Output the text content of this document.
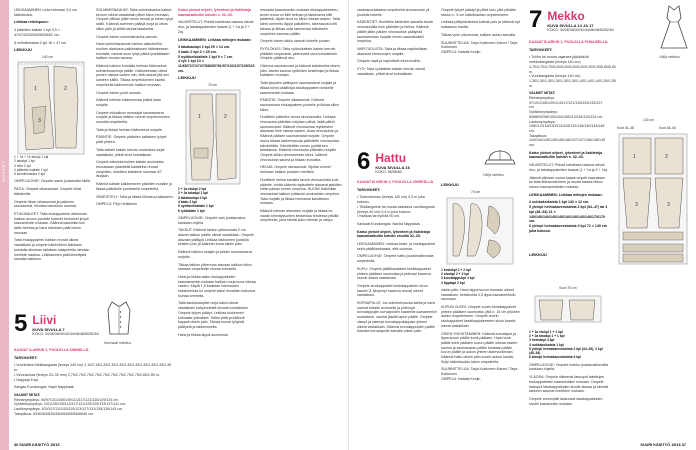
OHJEET

LEIKKAAMINEN: Liuta helmaan 3,5 cm kääntövara.

Leikkaa reikiinpuun:

4 pääntien kaitale 1 kpl 3,5 × 47/47/52/52/54/56/56/62 cm.

5 nolimiinkaista 2 kpl 16 × 47 cm.

LEIKKUU
140 cm
1	2
3
1 + 1a + 1b etukpl 1 kpl
2 takakpl 1 kpl
3 hiha 2 kpl
4 pääntien kaitale 1 kpl
5 solmiminauha 2 kpl

OMPELUOHJE: Ompele saelo joustavalla tikillä.

PAITA: Ompele olkasaumat. Ompele hihat tääntenille.

Ompele hihan olkasaumat ja pakkeen sivusaumat, hihoista kainaloon saumat.

ETUKAIALEET: Taita etukappaleen alareunan halkion sivuun puolelle kutenet kerrokset ja kpl! kaavamerkin mukaan. Käännä kaksinkerroin taitto helmaa ja harsi taitoksen päät toinen reunaan.

Taita etukappaleen halkion reunat oikeat vastakkain ja ompele kaikki tkinsi taitoksen kohdalla alimman taitoksen daaputeilla olevaan merkkiin saakka. Leikkasimen pääl kiinnitysiä samalla halkioon.

SOLMIMISNAUHAT: Taita solmiminauha kaksin kerroin oikeat vastakkain pitkin sivun reunaan. Ompele pitkiari pitkin sivun reunat ja toinen lyhyt sälliö. Käännä auennen päälyä nurja ja oleva silkin päin ja sillitä nauhat tasaiseksi.

Ompele toinen solmimisnauha sarnoin.

Harsi solmimisnauhat halkion alakulmihin, nuohen alarkosta paitöntaitosen käänteessen kohdalla, nauhat avon lyhyt pätkä lynkäätasen halkion reunan kanssa.

Käännä halkion kohdalla helman käänneeva solmimisnauhoja päälle. Käänneevaan oikea puolen oikeaa vasten niin, että nauhat jää sen kanteen sälliö. Tikkaa ompelutoimen kautta ompeleella käänneevan halkion reunaan.

Ompele toinen puoli samoin.

Käännä helman käänneevaa paikat kaan nurjalle.

Ompele etuhalkion reunaajat saumanvarat nurjalle ja tikkaa halkion reunat ompelumoinen suoralla ompeleella.

Taita ja tikkaa helman käänneeva nurjalle.

PÄÄNTIE: Ompele pääntien kaitaleen lyhyet päät yhteen.

Taita kaitale kaksin kerroin nurkeaksi nurjat vastakkain, pitkät sivut kohdakkain.

Ompele kaksinkerroinen kaitale avoimesta reunastaan pääntiellä kaitaleiha reunat vanyhtien, kiristäen kaitaleen saumaa 4/7 itsejaan.

Käännä kaitale kaikkeeseen pääntien nurjalle ja tikkaa pääntielle puoleisella ompeleella.

VIIMEISTELY: Taita ja tikkaa liihansuu kallaseen.

OMPELU: Pirjo Heikkinen

Katso yleiset ohjeet, lyhenteet ja lisätietoja kaavaosaltultin kohdin s. 32–33.

VALMISTELUT: Pidotä kahdessa osassa olevat eku- ja takakappaleiden kaavat (1 + 1a ja 2 + 2a).

LEIKKAAMINEN: Leikkaa mittojen mukaan:

3 takakaulapi 2 kpl 25 × 14 cm.
4 kadu 2 kpl 3 × 25 cm.
5 nyökkeikkaitale 1 kpl 9 × 7 cm.

4 ryö 1 kpl 14 × 11/65/72/72/72/78/83/87/91/97/102/107/109/115 cm.

LEIKKUU
70 cm
1	2
1 + 1a etukpl 2 kpl
2 + 2a takakpl 1 kpl
3 takakaulapi 2 kpl
4 kadu 2 kpl
5 nyökkeikkaitale 1 kpl
6 ryökaitale 1 kpl

OMPELUOHJE: Ompele vain joustamaton kankaan ohjella.

TAKKUT: Käännä takkun ylärevunata 2 cm alavan takkun päälle oikeat vastakkain. Ompele alavaan päälyyä Leikkaa takkunnen juoksilla kiristen pois ja käännä reuna oikein päin.

Käännä halkion stuajen ja pirtain saumanvarat nurjalle.

Tikkaa takkun ylärevuna alavaan halkion kiinni samaan ompeleelle reunan kohdalla.

Harsi ja tikkaa takku etukappaleiden kaavaamerkin mukaan halkion nurja kuva oikeaa vasten. Käytä 1,5 kankaan helmuseen kaksinkertaa ko ompele kaksi rinnakkin tukkurua kuinaa ommelta.

Taita kaulukkaupilet nurja kaksi oikeat vastakkain kahyennestä sivuvat kohdakkain. Ompele lyhyet päätyt. Leikkaa tukkeneen kulmasta ylämäiset. Taittai päät ja käännä kappali oikein päin. Tikkaa reunat lyhyistä päätystä ja takkenovelta.

Harsi ja tikkaa läppä avoimesta

reunasta kaavamerkin mukaan etukappaleeseen, avoin reuna on kiilti helman ja takkeravra kiilti päätetsä, läpän sivut on kiinni oikeaa vasten. Taita kiinni ommeltu läppä paikalleen, takenavoa kohti takana ja tikkaa esiki takenevaa esiköksen ompeleen sauman päälle.

Ompele toinen takku samoin toiselle puolen.

RYÖLÖKKIS: Taita ryöksökaitale kaksin kerroin pitkittäin nurjavasta, pidennellä sivut kohdakkain. Ompele päälinsä oku.

Oikenna saumanvara ja käännä kaitaleurtta oikein päin. Asettu sauma nyöleiden keskilinjan ja tikkaa kaitaleen reunaan.

Taita lyhyiden pätkiysen saumanvarat nurjalle ja tikkaa kiinni päälihöpä takakappaleen keskelle kaavamerkin mukaan.

PÄÄNTIE: Ompele olkasaumat. Käännä saumanvara etukappaleen puolelle ja tikkaa silkin kiinni.

Huolittele pääntien reuna vinonauhalla. Leikkaa vinonauha pääntien mityisen päivä, lisää päihin saumanvarat. Käännä vinonauhaa myöteisten alavavan liine oikeaa vasten. Avaa vinonauhan ja Käännä pääsen saumanvarat nurjalle. Ompele reuna tiiskaa takkeenpuoja pääntielle vinonauhaa kiinnitetään. Kiinnitetään ennen pyrtää sen taitoksissa. Käännä vinonauha pääntien nurjalle. Ompele silkku vinonauhaan kiinni, käännä vinonauhan sauma ja tikkaa reunoista.

HELMA: Ompele sivusaumat. Sijoitta ommel helmaan halkion juoksen merkkiin.

Huolittele helma samalla tavoin vinonauhalla kuin pääntie, mutta käännä rapikoittele alavarat jaskillen niihin paikan ennen ompelua. HUOM! Halkioilan vinonauhat halkion pitäisesti avoimeiden ompelen. Taita nurjalle ja tikkaa helmassa kahdeksen mukaan.

Käännä helman alavarlan nurjalle ja tikkaa ne vacian kiinnityssuihen keskeisaa tehdessa pitkillä ompeleella, joka kierää koko helman ja ottayo

5 Liivi
KUVA SIVULLA 7
KOKO: 34/36/38/40/42/44/46/48/50/52/54
Normaali mitoitus.

KAAVAT A-ARKIN 2, PUOLELLA SININELLÄ.

TARVIKKEET:

• Vuorimaton liikkikangasta (leveys 140 cm) 2,10/2,15/2,20/2,30/2,40/2,40/2,40/2,40/2,40/2,45/2,45 m.
• Vinonauhaa (leveys 20–30 mm) 2,70/2,70/2,75/2,75/2,75/2,75/2,75/2,75/2,75/2,80/2,80 m.

• Nappeja 5 kpl.

Kangas Eurokangas. Napit Nappilaak.

VALMIIT MITAT:
Rinnanympärys: 94/97/101/105/109/113/117/121/125/129/133 cm.
Vyötärönympärys: 101/105/109/113/117/121/125/129/133/137/141 cm.
Lantionympärys: 103/107/111/115/119/123/127/131/135/139/143 cm.
Takapituus: 62/62/63/63/63/64/64/65/65/66/66 cm.
36 SUURI KÄSITYÖ 15/16

vaakasuorastaana ompeleella sivusauman yli puolella toiselle.

KÄDENTIET: Huolittele kädentiet samalla tavoin vinonauhalla kuin pääntien ja helma. Käännä päälle jätän päiden vinonauhan päälyistä saumanvaran nurjalle ennen saumaksikiili ompelua.

NAPITUOLISTA: Taita ja tikkaa napituslistan akavarat etureunojen nurjalle.

Ompele napit ja napinlävet etureunoihin.

VYÖ: Taita vyökaitale kaksin kerroin oikeat vastakkain, pitkät sivut kohdakkain.

Ompele lyhyet päädyt ja pitkä sivu, jätä pitkään sivuun n. 5 cm kääntöaukko ompeleeseen.

Leikkaa päälyskulmista kulmat pois ja käännä vyö kaikasuun kautta.

Tikkaa vyön ulkoreunat, sulkien aukko samalla.

SUUNNITTELIJA: Tarja Kokkonen-Kasmi / Tarja Kokkonen
OMPELU: Natalia Kenjin

6 Hattu
KUVA SIVULLA 16
KOKO: 56/58/60
Väljä mitoitus.

KAAVAT B-ARKIN 2, PUOLELLA VIHREÄLLÄ.

TARVIKKEET:

• Tukevamman (leveys 140 cm) 0,3 m joka kokoon.
• Tikkilangoiste tai muuta vastaava vuoritangosta (leveys 40 cm) 0,4 m joka kokoon.

• Nahkaa tai nyörää 50 cm.

Kankaat Eurokangas. Nauha Nappilaak.

Katso yleiset ohjeet, lyhenteet ja lisätietoja kaavaosaltultin kohdin sivuilla 32–33.

LEIKKAAMINEN: Leikkaa keski- ja sivukappaleet sekä päällikankaasta, että vuorista.

OMPELUOHJE: Ompele hattu joustamattomalla ompeleella.

KUPU: Ompele päällikankaiset keskikappaleet yhteen päälisen saumoista ja pidempi kaareva reunat oikeat vastakkain.

Ompele sivukappaleet keskikappaleen sivun kaariin (1 lyhyempi kaareva reuna) oikeat vastakkain.

KORVAPULAT: Jos solmimisnauha kahta ja harsi nauhat toiselle avoimelle ja pidempä korvalappujen korvapuiden kaareelle kaavamerkin mukaisesti, nauhat jäävät lapun päälle. Ompele vismpi ja sisempi korvalappukappale yhteen oikeat vastakkain. Käännä korvalappuiden päälle toisesta korvalapulle samalla oikein päin.

LEIKKUU
70 cm
1 keskikpl 2 + 2 kpl
2 sivukpl 2 + 2 kpl
3 korvalappukpl 4 kpl
4 lippakpl 2 kpl

oikein päin. Harsi lappa kuvun reunaan oikeat vastakkain, keskikohta 0,5 lippa kaavamerkkiin saumaan.

KUPUN VUORI: Ompele vuorin keskikappaleet yhteen päälisen saumoista, jätä n. 15 cm pituinen aukko ompeleeseen. Ompele vuorin sivukappaleet keskikappaleeseen sivun kaariin oikeat vastakkain.

OSIEN YHDISTÄMINEN: Käännä korvalaput ja lippa kuvun päälle kohti päälaen. Harsi vuori päälle kohti päälaen kuvun päälle oikeaa vasten sauma ja saumavaran päälle kankaan päälle kuvun päälle ja aukon yhteen alarevunteraan. Käännä hattu oikein päin vuorin aukon kautta. Sulje kääntöaukko käsin ompeleella.

SUUNNITTELIJA: Tarja Kokkonen-Kasmi / Tarja Kokkonen
OMPELU: Natalia Kenjin

7 Mekko
KUVA SIVULLA 14 JA 17
KOKO: 34/36/38/40/42/44/46/48/50/52/54
Väljä mitoitus.

KAAVAT B-ARKIN 1, PUOLELLA PUNAISELLA.

TARVIKKEET:

• Tulifur tai muuta vajarsea jäykähköä mekkokangasta (leveys 140 cm) 4,70/4,70/4,70/5,00/5,00/5,00/5,00/5,30/5,30/5,60/5,60 m.

• Vuorikangasta (leveys 140 cm) 1,30/1,30/1,30/1,30/1,30/1,30/1,40/1,40/1,40/1,50/1,55 m.

VALMIIT MITAT:
Rinnanympärys: 97/101/105/109/114/117/121/125/129/133/137 cm.
Vyötärönympärys: 84/88/92/96/100/104/108/112/116/120/124 cm.
Lantionympärys: 108/112/116/120/124/128/132/136/140/144/148 cm.

Takapituus: 144/144/145/145/146/146/147/147/148/148/149 cm.

Katso yleiset ohjeet, lyhenteet ja lisätietoja kaavaosaltultin kohdin s. 32–33.

VALMISTELUT: Pidotä kahdessa osassa olevat eku- ja takakappaleiden kaavat (1 + 1a ja 2 + 2a).

Jäännä yläosan vuoria kaava ompeli kaavaksen tai taita kiilluvuvanheen ja muuta kaavia hiikuu sivuun kaavamerkkien mukaan.

LEIKKAAMINEN: Leikkaa mittojen mukaan:

4 nuhkaksikaista 1 kpl 142 × 12 cm.
5 yleinpl helmakaverokaista 2 kpl (34–47) tai 3 kpl (48–54) 21 × 140/140/140/140/140/140/140/140/140/170/170 cm.
6 yleinpl helmakaverokaista 3 kpl 72 × 140 cm joka kokoon.
LEIKKUU
Vuori 70 cm
1 + 1a etukpl 1 + 1 kpl
2 + 2a takakpl 1 + 1 kpl
3 helmakpl 4 kpl
4 nuhkaksikaista 1 kpl
5 yleinpl helmakaverokaista 2 kpl (34–49), 3 kpl (48–54)
6 alempi helmakaverokaista 3 kpl

OMPELUOHJE: Ompele mekko joustamattomalla kankaan ohjella.

YLÄOSA: Ompele olkimmat laskoput taitettujen etukappaleiden kaaravinkikin mukaan. Ompele laskoput takakappaleiden sivulle alaosa ja kiinnitä takkeen saumat merkkien mukaan.

Ompele vuorenpitit laskuosat takakappaleiden sivulle kaaravinkin mukaan.

140 cm
Koot 34–48	Koot 48–54
1	2
3	3
SUURI KÄSITYÖ 15/16 37
